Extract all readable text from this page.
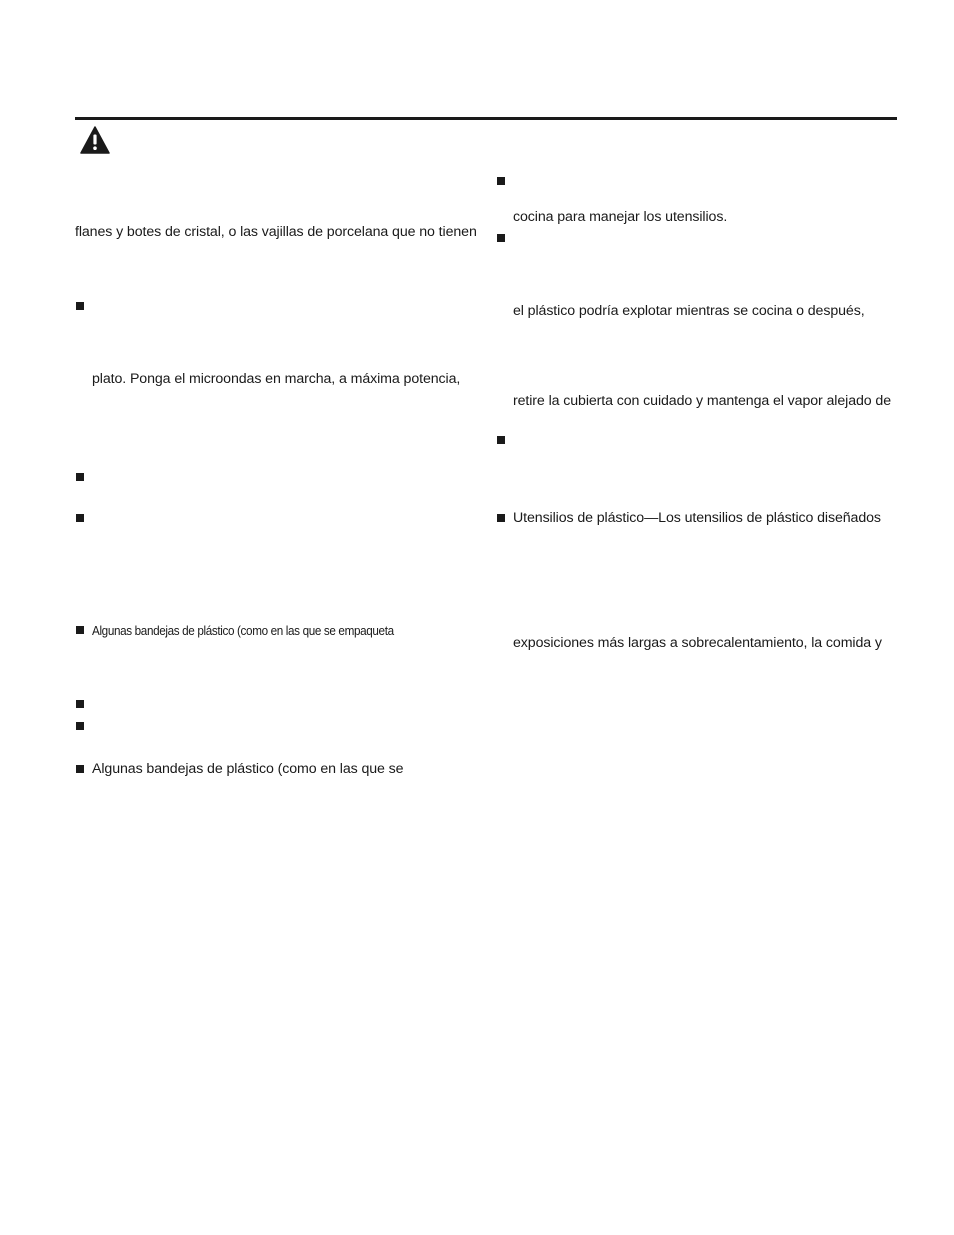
flanes y botes de cristal, o las vajillas de porcelana que no tienen
plato. Ponga el microondas en marcha, a máxima potencia,
Algunas bandejas de plástico (como en las que se empaqueta
Algunas bandejas de plástico (como en las que se
cocina para manejar los utensilios.
el plástico podría explotar mientras se cocina o después,
retire la cubierta con cuidado y mantenga el vapor alejado de
Utensilios de plástico—Los utensilios de plástico diseñados
exposiciones más largas a sobrecalentamiento, la comida y
